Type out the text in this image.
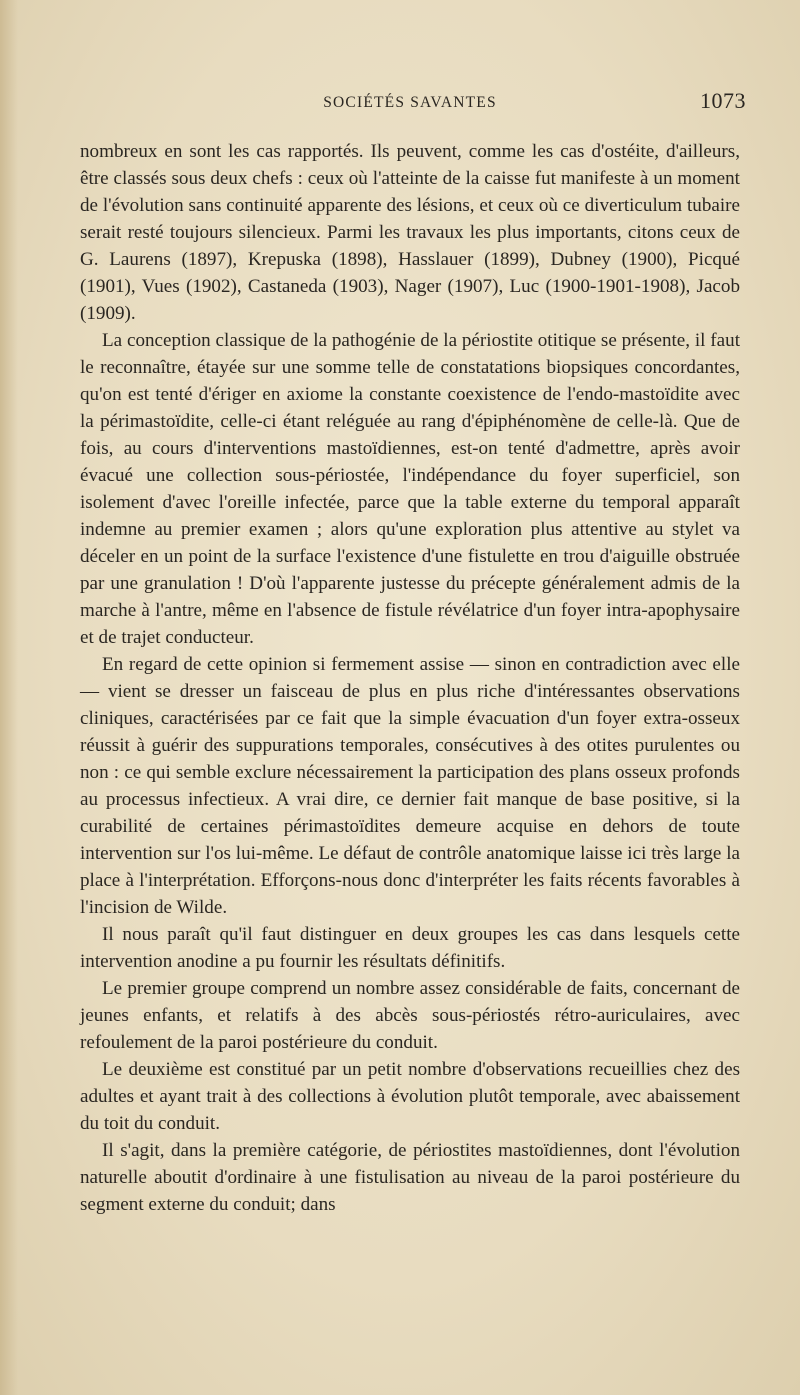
SOCIÉTÉS SAVANTES	1073

nombreux en sont les cas rapportés. Ils peuvent, comme les cas d'ostéite, d'ailleurs, être classés sous deux chefs : ceux où l'atteinte de la caisse fut manifeste à un moment de l'évolution sans continuité apparente des lésions, et ceux où ce diverticulum tubaire serait resté toujours silencieux. Parmi les travaux les plus importants, citons ceux de G. Laurens (1897), Krepuska (1898), Hasslauer (1899), Dubney (1900), Picqué (1901), Vues (1902), Castaneda (1903), Nager (1907), Luc (1900-1901-1908), Jacob (1909).

La conception classique de la pathogénie de la périostite otitique se présente, il faut le reconnaître, étayée sur une somme telle de constatations biopsiques concordantes, qu'on est tenté d'ériger en axiome la constante coexistence de l'endo-mastoïdite avec la périmastoïdite, celle-ci étant reléguée au rang d'épiphénomène de celle-là. Que de fois, au cours d'interventions mastoïdiennes, est-on tenté d'admettre, après avoir évacué une collection sous-périostée, l'indépendance du foyer superficiel, son isolement d'avec l'oreille infectée, parce que la table externe du temporal apparaît indemne au premier examen ; alors qu'une exploration plus attentive au stylet va déceler en un point de la surface l'existence d'une fistulette en trou d'aiguille obstruée par une granulation ! D'où l'apparente justesse du précepte généralement admis de la marche à l'antre, même en l'absence de fistule révélatrice d'un foyer intra-apophysaire et de trajet conducteur.

En regard de cette opinion si fermement assise — sinon en contradiction avec elle — vient se dresser un faisceau de plus en plus riche d'intéressantes observations cliniques, caractérisées par ce fait que la simple évacuation d'un foyer extra-osseux réussit à guérir des suppurations temporales, consécutives à des otites purulentes ou non : ce qui semble exclure nécessairement la participation des plans osseux profonds au processus infectieux. A vrai dire, ce dernier fait manque de base positive, si la curabilité de certaines périmastoïdites demeure acquise en dehors de toute intervention sur l'os lui-même. Le défaut de contrôle anatomique laisse ici très large la place à l'interprétation. Efforçons-nous donc d'interpréter les faits récents favorables à l'incision de Wilde.

Il nous paraît qu'il faut distinguer en deux groupes les cas dans lesquels cette intervention anodine a pu fournir les résultats définitifs.

Le premier groupe comprend un nombre assez considérable de faits, concernant de jeunes enfants, et relatifs à des abcès sous-périostés rétro-auriculaires, avec refoulement de la paroi postérieure du conduit.

Le deuxième est constitué par un petit nombre d'observations recueillies chez des adultes et ayant trait à des collections à évolution plutôt temporale, avec abaissement du toit du conduit.

Il s'agit, dans la première catégorie, de périostites mastoïdiennes, dont l'évolution naturelle aboutit d'ordinaire à une fistulisation au niveau de la paroi postérieure du segment externe du conduit; dans
